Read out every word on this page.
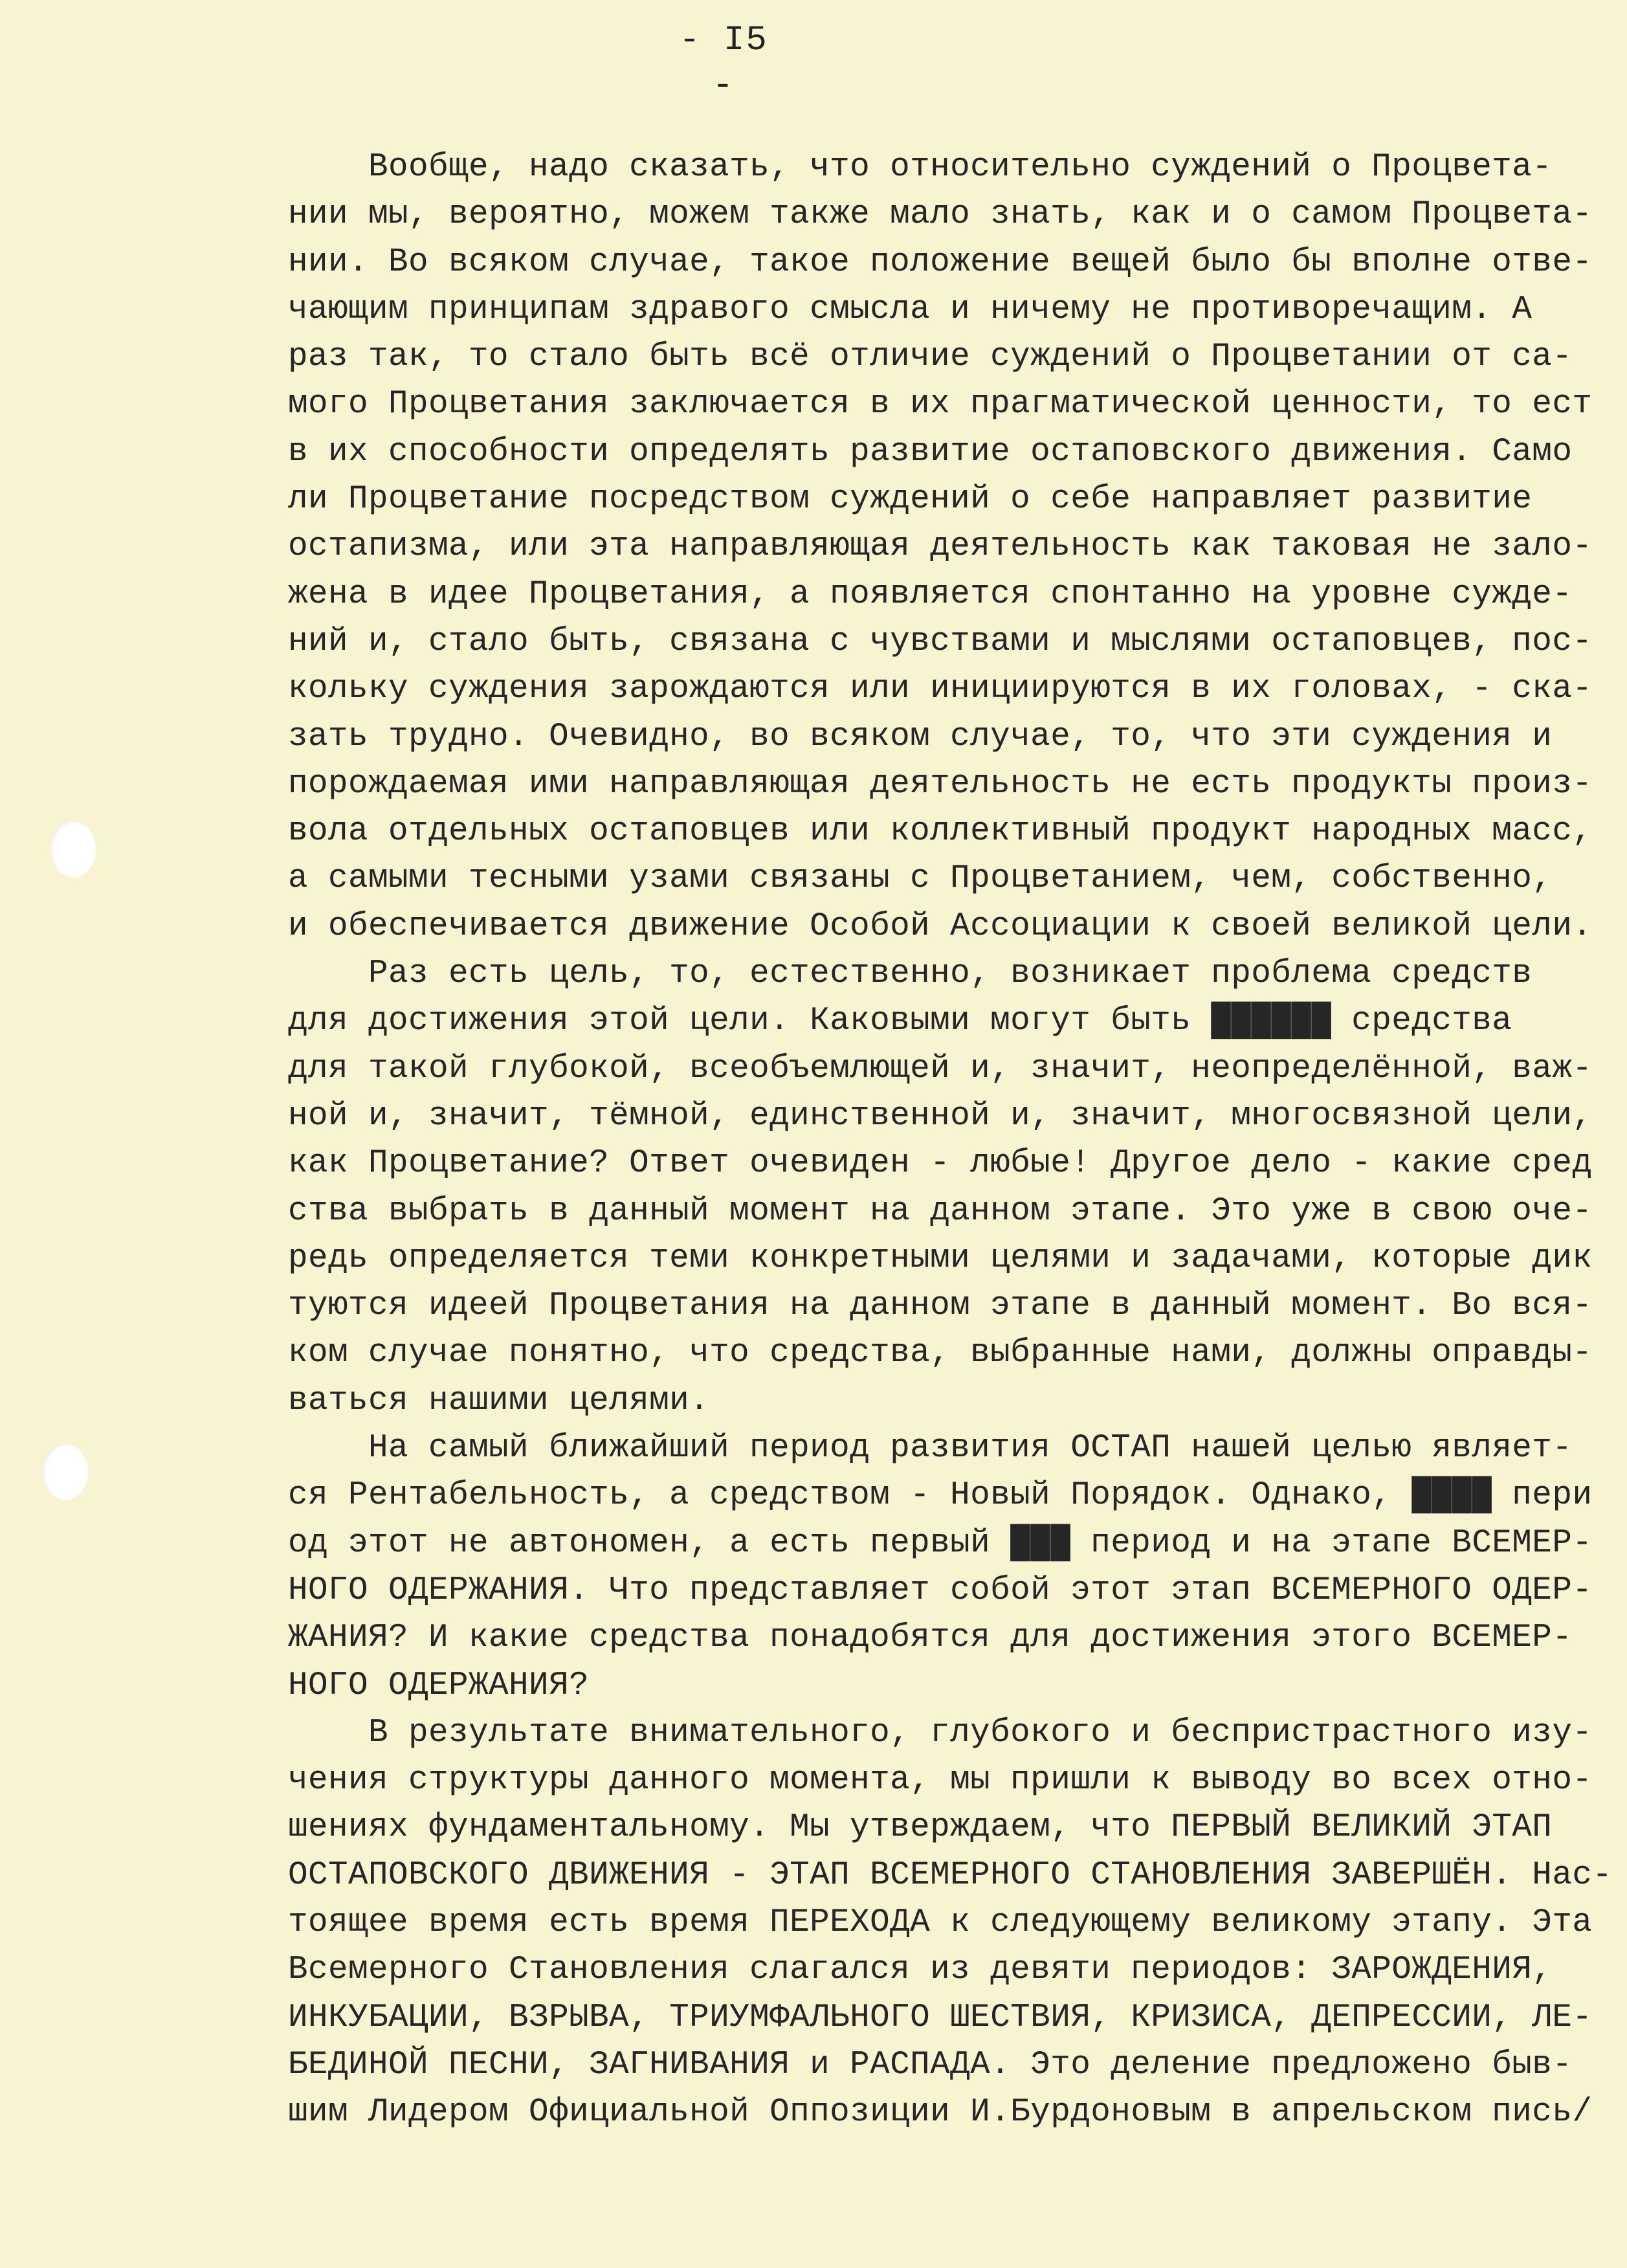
- I5 -
Вообще, надо сказать, что относительно суждений о Процвета-
нии мы, вероятно, можем также мало знать, как и о самом Процвета-
нии. Во всяком случае, такое положение вещей было бы вполне отве-
чающим принципам здравого смысла и ничему не противоречащим. А
раз так, то стало быть всё отличие суждений о Процветании от са-
мого Процветания заключается в их прагматической ценности, то ест
в их способности определять развитие остаповского движения. Само
ли Процветание посредством суждений о себе направляет развитие
остапизма, или эта направляющая деятельность как таковая не зало-
жена в идее Процветания, а появляется спонтанно на уровне сужде-
ний и, стало быть, связана с чувствами и мыслями остаповцев, пос-
кольку суждения зарождаются или инициируются в их головах, - ска-
зать трудно. Очевидно, во всяком случае, то, что эти суждения и
порождаемая ими направляющая деятельность не есть продукты произ-
вола отдельных остаповцев или коллективный продукт народных масс,
а самыми тесными узами связаны с Процветанием, чем, собственно,
и обеспечивается движение Особой Ассоциации к своей великой цели.
Раз есть цель, то, естественно, возникает проблема средств
для достижения этой цели. Каковыми могут быть ██████ средства
для такой глубокой, всеобъемлющей и, значит, неопределённой, важ-
ной и, значит, тёмной, единственной и, значит, многосвязной цели,
как Процветание? Ответ очевиден - любые! Другое дело - какие сред
ства выбрать в данный момент на данном этапе. Это уже в свою оче-
редь определяется теми конкретными целями и задачами, которые дик
туются идеей Процветания на данном этапе в данный момент. Во вся-
ком случае понятно, что средства, выбранные нами, должны оправды-
ваться нашими целями.
На самый ближайший период развития ОСТАП нашей целью являет-
ся Рентабельность, а средством - Новый Порядок. Однако, ████ пери
од этот не автономен, а есть первый ███ период и на этапе ВСЕМЕР-
НОГО ОДЕРЖАНИЯ. Что представляет собой этот этап ВСЕМЕРНОГО ОДЕР-
ЖАНИЯ? И какие средства понадобятся для достижения этого ВСЕМЕР-
НОГО ОДЕРЖАНИЯ?
В результате внимательного, глубокого и беспристрастного изу-
чения структуры данного момента, мы пришли к выводу во всех отно-
шениях фундаментальному. Мы утверждаем, что ПЕРВЫЙ ВЕЛИКИЙ ЭТАП
ОСТАПОВСКОГО ДВИЖЕНИЯ - ЭТАП ВСЕМЕРНОГО СТАНОВЛЕНИЯ ЗАВЕРШЁН. Нас-
тоящее время есть время ПЕРЕХОДА к следующему великому этапу. Эта
Всемерного Становления слагался из девяти периодов: ЗАРОЖДЕНИЯ,
ИНКУБАЦИИ, ВЗРЫВА, ТРИУМФАЛЬНОГО ШЕСТВИЯ, КРИЗИСА, ДЕПРЕССИИ, ЛЕ-
БЕДИНОЙ ПЕСНИ, ЗАГНИВАНИЯ и РАСПАДА. Это деление предложено быв-
шим Лидером Официальной Оппозиции И.Бурдоновым в апрельском пись/
